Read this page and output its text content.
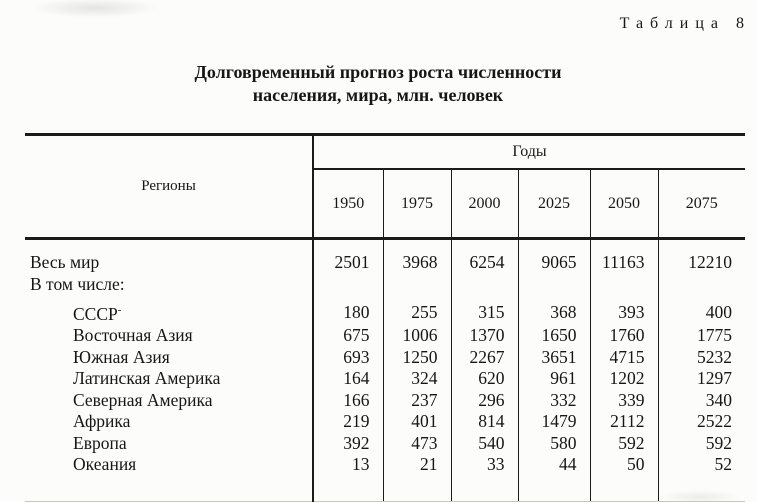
Таблица 8
Долговременный прогноз роста численности
населения, мира, млн. человек
Регионы	Годы					
	1950	1975	2000	2025	2050	2075
Весь мир	2501	3968	6254	9065	11163	12210
В том числе:						
СССР-	180	255	315	368	393	400
Восточная Азия	675	1006	1370	1650	1760	1775
Южная Азия	693	1250	2267	3651	4715	5232
Латинская Америка	164	324	620	961	1202	1297
Северная Америка	166	237	296	332	339	340
Африка	219	401	814	1479	2112	2522
Европа	392	473	540	580	592	592
Океания	13	21	33	44	50	52
